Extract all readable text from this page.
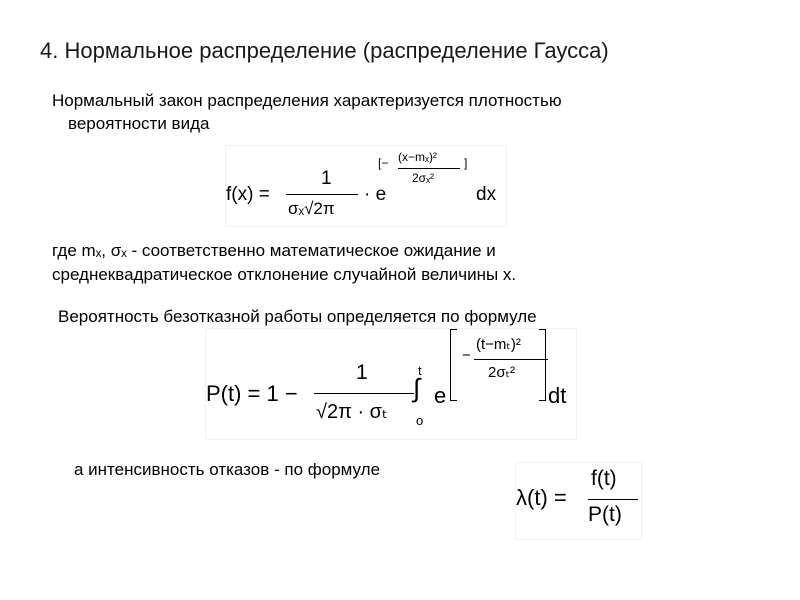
4. Нормальное распределение (распределение Гаусса)
Нормальный закон распределения характеризуется плотностью
вероятности вида
f(x) =
1
σₓ√2π
· e
[− (x−mₓ)²
2σₓ²
]
dx
где mₓ, σₓ - соответственно математическое ожидание и
среднеквадратическое отклонение случайной величины х.
Вероятность безотказной работы определяется по формуле
P(t) = 1 −
1
√2π · σₜ
t
∫
o
e
−
(t−mₜ)²
2σₜ²
dt
а интенсивность отказов - по формуле
λ(t) =
f(t)
P(t)
